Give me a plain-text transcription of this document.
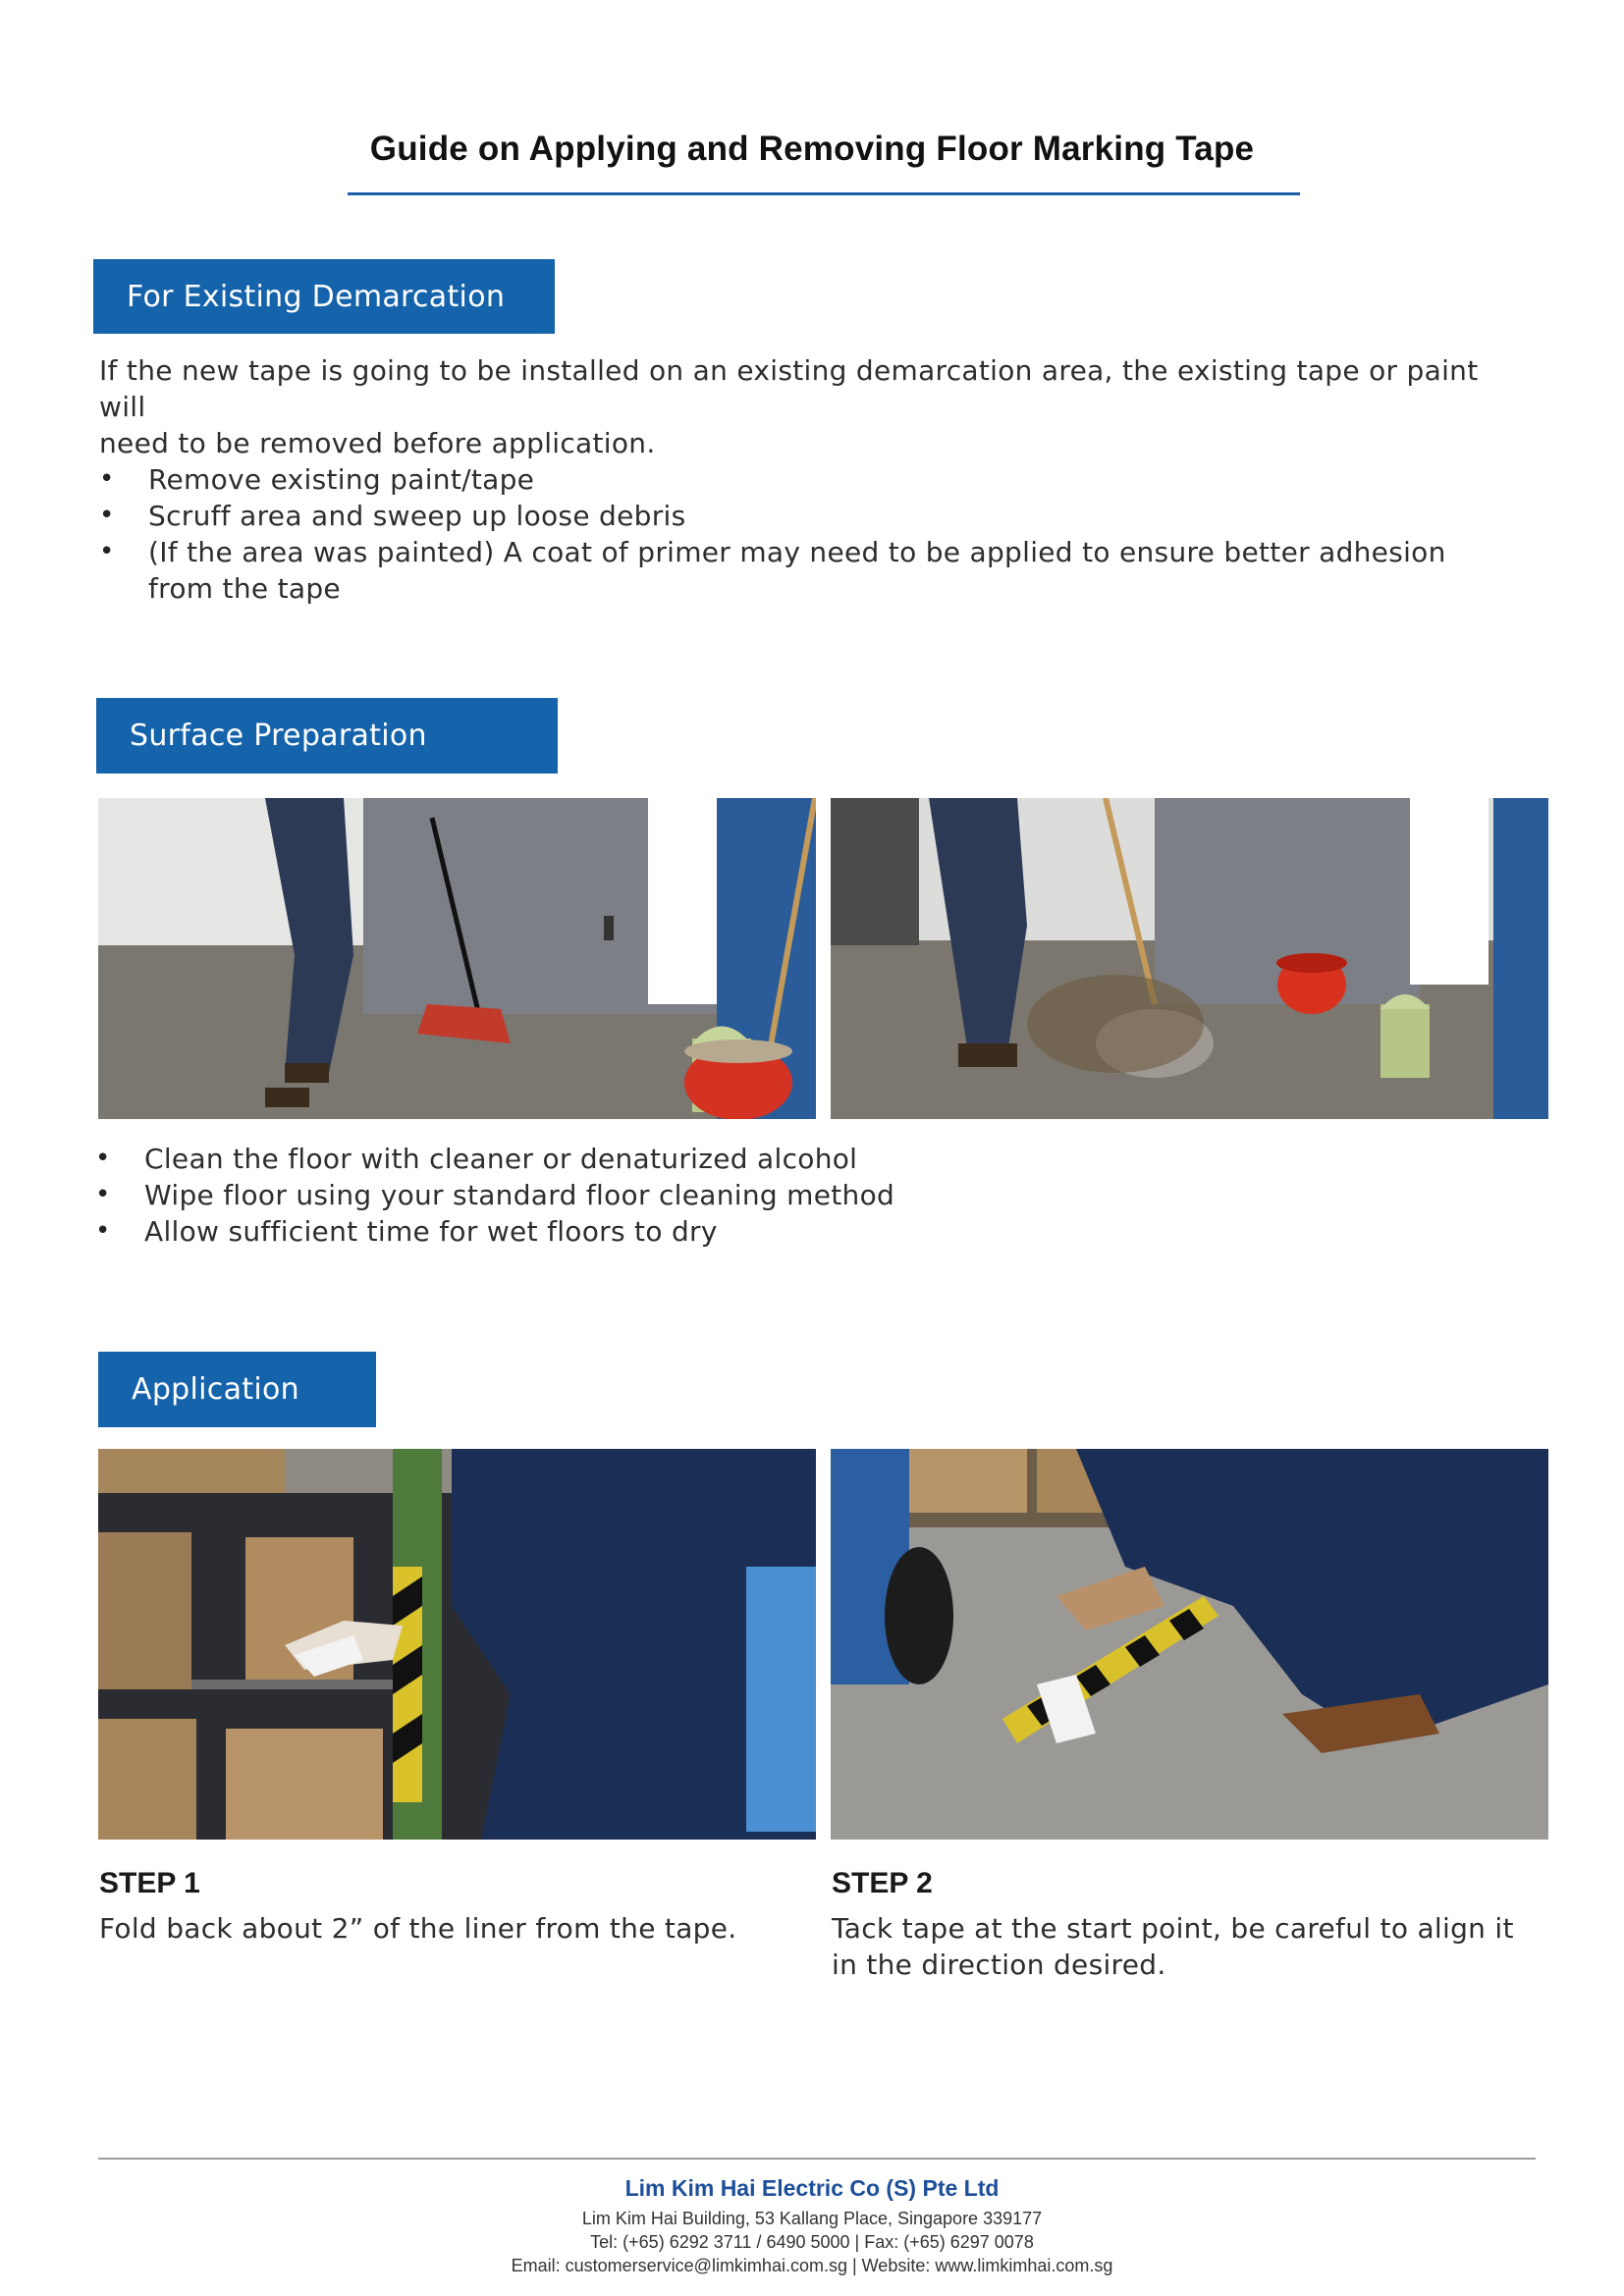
Guide on Applying and Removing Floor Marking Tape
For Existing Demarcation
If the new tape is going to be installed on an existing demarcation area, the existing tape or paint will
need to be removed before application.
• Remove existing paint/tape
• Scruff area and sweep up loose debris
• (If the area was painted) A coat of primer may need to be applied to ensure better adhesion from the tape
Surface Preparation
• Clean the floor with cleaner or denaturized alcohol
• Wipe floor using your standard floor cleaning method
• Allow sufficient time for wet floors to dry
Application
STEP 1
Fold back about 2” of the liner from the tape.
STEP 2
Tack tape at the start point, be careful to align it in the direction desired.
Lim Kim Hai Electric Co (S) Pte Ltd
Lim Kim Hai Building, 53 Kallang Place, Singapore 339177
Tel: (+65) 6292 3711 / 6490 5000 | Fax: (+65) 6297 0078
Email: customerservice@limkimhai.com.sg | Website: www.limkimhai.com.sg
